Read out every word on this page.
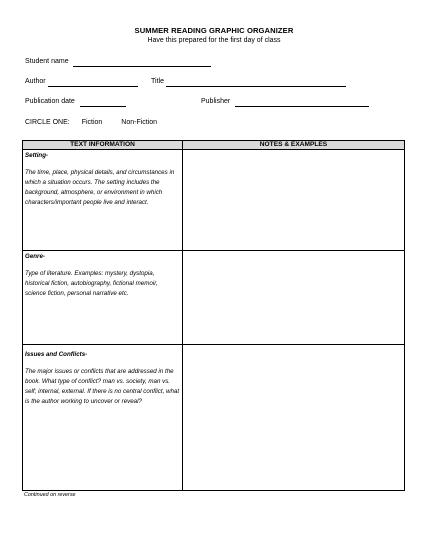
SUMMER READING GRAPHIC ORGANIZER

Have this prepared for the first day of class

Student name
Author	Title
Publication date	Publisher
CIRCLE ONE: Fiction	Non-Fiction
TEXT INFORMATION	NOTES & EXAMPLES

Setting-
The time, place, physical details, and circumstances in which a situation occurs. The setting includes the background, atmosphere, or environment in which characters/important people live and interact.	

Genre-
Type of literature. Examples: mystery, dystopia, historical fiction, autobiography, fictional memoir, science fiction, personal narrative etc.	

Issues and Conflicts-
The major issues or conflicts that are addressed in the book. What type of conflict? man vs. society, man vs. self; internal, external. If there is no central conflict, what is the author working to uncover or reveal?	

Continued on reverse
